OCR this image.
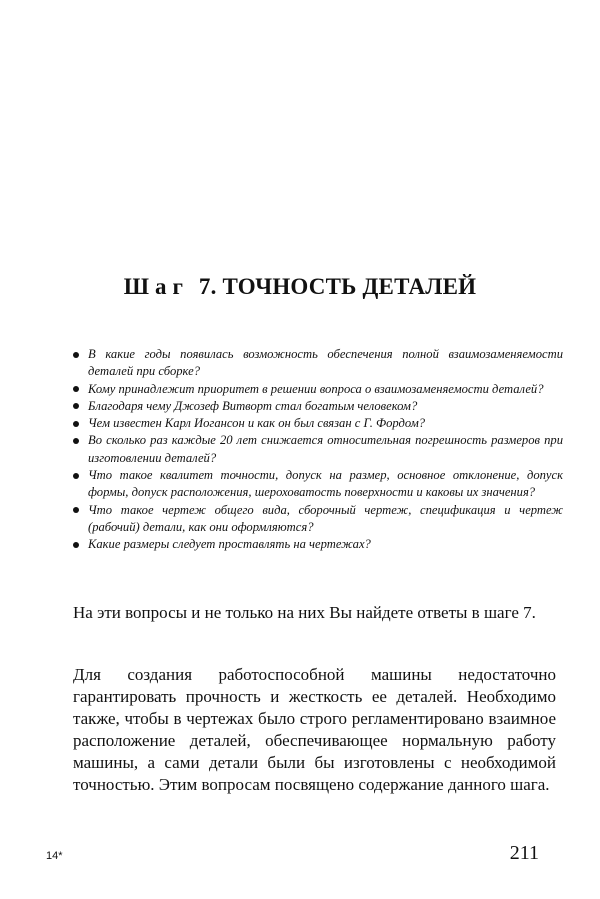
Шаг 7. ТОЧНОСТЬ ДЕТАЛЕЙ
В какие годы появилась возможность обеспечения полной взаимозаменяемости деталей при сборке?
Кому принадлежит приоритет в решении вопроса о взаимозаменяемости деталей?
Благодаря чему Джозеф Витворт стал богатым человеком?
Чем известен Карл Иогансон и как он был связан с Г. Фордом?
Во сколько раз каждые 20 лет снижается относительная погрешность размеров при изготовлении деталей?
Что такое квалитет точности, допуск на размер, основное отклонение, допуск формы, допуск расположения, шероховатость поверхности и каковы их значения?
Что такое чертеж общего вида, сборочный чертеж, спецификация и чертеж (рабочий) детали, как они оформляются?
Какие размеры следует проставлять на чертежах?

На эти вопросы и не только на них Вы найдете ответы в шаге 7.

Для создания работоспособной машины недостаточно гарантировать прочность и жесткость ее деталей. Необходимо также, чтобы в чертежах было строго регламентировано взаимное расположение деталей, обеспечивающее нормальную работу машины, а сами детали были бы изготовлены с необходимой точностью. Этим вопросам посвящено содержание данного шага.

14*	211
